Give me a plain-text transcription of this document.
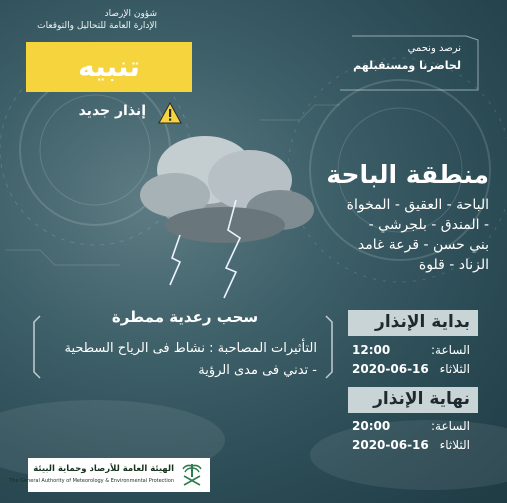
شؤون الإرصاد
الإدارة العامة للتحاليل والتوقعات
تنبيه
إنذار جديد
نرصد ونحمي
لحاضرنا ومستقبلهم
منطقة الباحة
الباحة - العقيق - المخواة
- المندق - بلجرشي -
بني حسن - قرعة غامد
الزناد - قلوة
سحب رعدية ممطرة
التأثيرات المصاحبة : نشاط فى الرياح السطحية
- تدني فى مدى الرؤية
بداية الإنذار
الساعة:
12:00
الثلاثاء
2020-06-16
نهاية الإنذار
الساعة:
20:00
الثلاثاء
2020-06-16
الهيئة العامة للأرصاد وحماية البيئة
The General Authority of Meteorology & Environmental Protection
